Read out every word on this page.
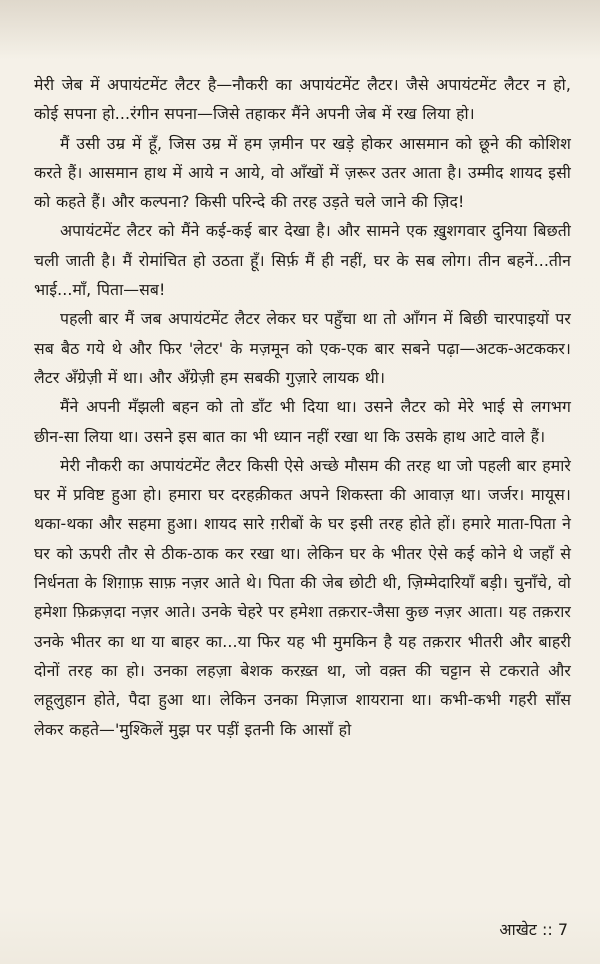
मेरी जेब में अपायंटमेंट लैटर है—नौकरी का अपायंटमेंट लैटर। जैसे अपायंटमेंट लैटर न हो, कोई सपना हो...रंगीन सपना—जिसे तहाकर मैंने अपनी जेब में रख लिया हो।

मैं उसी उम्र में हूँ, जिस उम्र में हम ज़मीन पर खड़े होकर आसमान को छूने की कोशिश करते हैं। आसमान हाथ में आये न आये, वो आँखों में ज़रूर उतर आता है। उम्मीद शायद इसी को कहते हैं। और कल्पना? किसी परिन्दे की तरह उड़ते चले जाने की ज़िद!

अपायंटमेंट लैटर को मैंने कई-कई बार देखा है। और सामने एक ख़ुशगवार दुनिया बिछती चली जाती है। मैं रोमांचित हो उठता हूँ। सिर्फ़ मैं ही नहीं, घर के सब लोग। तीन बहनें...तीन भाई...माँ, पिता—सब!

पहली बार मैं जब अपायंटमेंट लैटर लेकर घर पहुँचा था तो आँगन में बिछी चारपाइयों पर सब बैठ गये थे और फिर 'लेटर' के मज़मून को एक-एक बार सबने पढ़ा—अटक-अटककर। लैटर अँग्रेज़ी में था। और अँग्रेज़ी हम सबकी गुज़ारे लायक थी।

मैंने अपनी मँझली बहन को तो डाँट भी दिया था। उसने लैटर को मेरे भाई से लगभग छीन-सा लिया था। उसने इस बात का भी ध्यान नहीं रखा था कि उसके हाथ आटे वाले हैं।

मेरी नौकरी का अपायंटमेंट लैटर किसी ऐसे अच्छे मौसम की तरह था जो पहली बार हमारे घर में प्रविष्ट हुआ हो। हमारा घर दरहक़ीकत अपने शिकस्ता की आवाज़ था। जर्जर। मायूस। थका-थका और सहमा हुआ। शायद सारे ग़रीबों के घर इसी तरह होते हों। हमारे माता-पिता ने घर को ऊपरी तौर से ठीक-ठाक कर रखा था। लेकिन घर के भीतर ऐसे कई कोने थे जहाँ से निर्धनता के शिग़ाफ़ साफ़ नज़र आते थे। पिता की जेब छोटी थी, ज़िम्मेदारियाँ बड़ी। चुनाँचे, वो हमेशा फ़िक्रज़दा नज़र आते। उनके चेहरे पर हमेशा तक़रार-जैसा कुछ नज़र आता। यह तक़रार उनके भीतर का था या बाहर का...या फिर यह भी मुमकिन है यह तक़रार भीतरी और बाहरी दोनों तरह का हो। उनका लहज़ा बेशक करख़्त था, जो वक़्त की चट्टान से टकराते और लहूलुहान होते, पैदा हुआ था। लेकिन उनका मिज़ाज शायराना था। कभी-कभी गहरी साँस लेकर कहते—'मुश्किलें मुझ पर पड़ीं इतनी कि आसाँ हो

आखेट :: 7
